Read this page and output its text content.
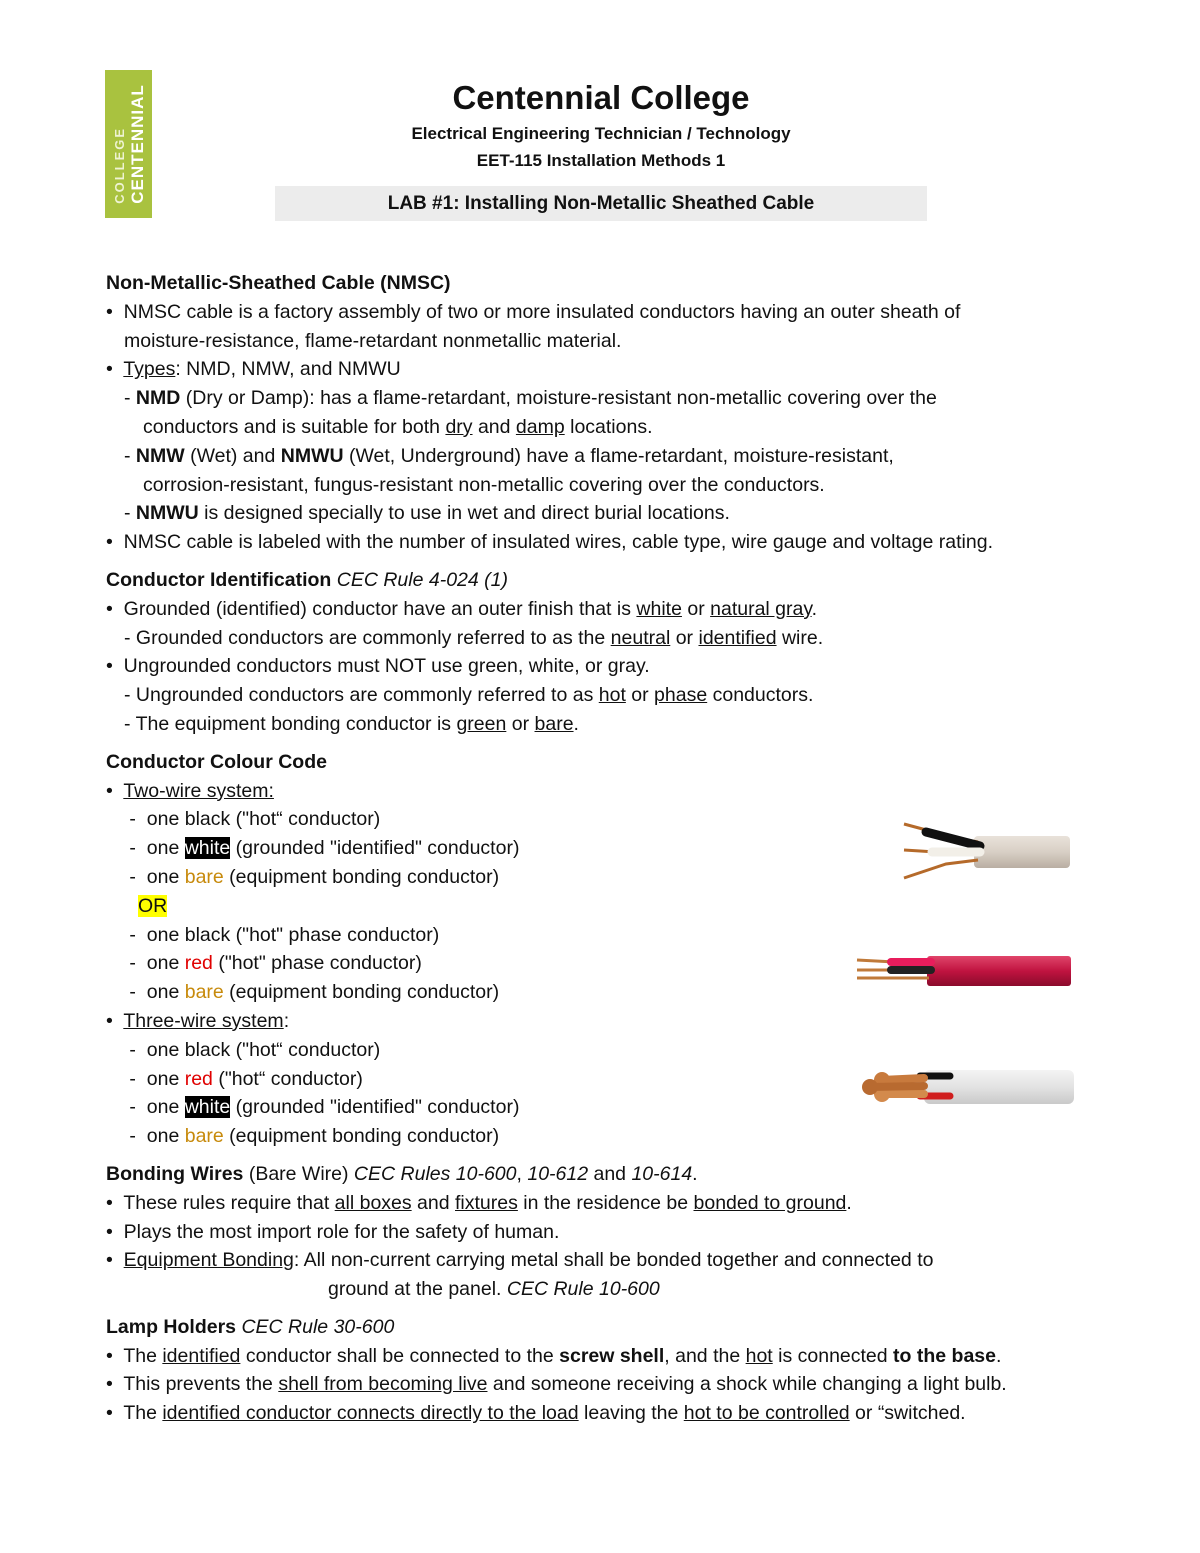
COLLEGE CENTENNIAL	Centennial College
Electrical Engineering Technician / Technology
EET-115 Installation Methods 1
LAB #1: Installing Non-Metallic Sheathed Cable

Non-Metallic-Sheathed Cable (NMSC)

• NMSC cable is a factory assembly of two or more insulated conductors having an outer sheath of

moisture-resistance, flame-retardant nonmetallic material.

• Types: NMD, NMW, and NMWU

- NMD (Dry or Damp): has a flame-retardant, moisture-resistant non-metallic covering over the

conductors and is suitable for both dry and damp locations.

- NMW (Wet) and NMWU (Wet, Underground) have a flame-retardant, moisture-resistant,

corrosion-resistant, fungus-resistant non-metallic covering over the conductors.

- NMWU is designed specially to use in wet and direct burial locations.

• NMSC cable is labeled with the number of insulated wires, cable type, wire gauge and voltage rating.

Conductor Identification CEC Rule 4-024 (1)

• Grounded (identified) conductor have an outer finish that is white or natural gray.

- Grounded conductors are commonly referred to as the neutral or identified wire.

• Ungrounded conductors must NOT use green, white, or gray.

- Ungrounded conductors are commonly referred to as hot or phase conductors.

- The equipment bonding conductor is green or bare.

Conductor Colour Code

• Two-wire system:

- one black ("hot“ conductor)

- one white (grounded "identified" conductor)

- one bare (equipment bonding conductor)

OR

- one black ("hot" phase conductor)

- one red ("hot" phase conductor)

- one bare (equipment bonding conductor)

• Three-wire system:

- one black ("hot“ conductor)

- one red ("hot“ conductor)

- one white (grounded "identified" conductor)

- one bare (equipment bonding conductor)

Bonding Wires (Bare Wire) CEC Rules 10-600, 10-612 and 10-614.

• These rules require that all boxes and fixtures in the residence be bonded to ground.

• Plays the most import role for the safety of human.

• Equipment Bonding: All non-current carrying metal shall be bonded together and connected to

ground at the panel. CEC Rule 10-600

Lamp Holders CEC Rule 30-600

• The identified conductor shall be connected to the screw shell, and the hot is connected to the base.

• This prevents the shell from becoming live and someone receiving a shock while changing a light bulb.

• The identified conductor connects directly to the load leaving the hot to be controlled or “switched.
